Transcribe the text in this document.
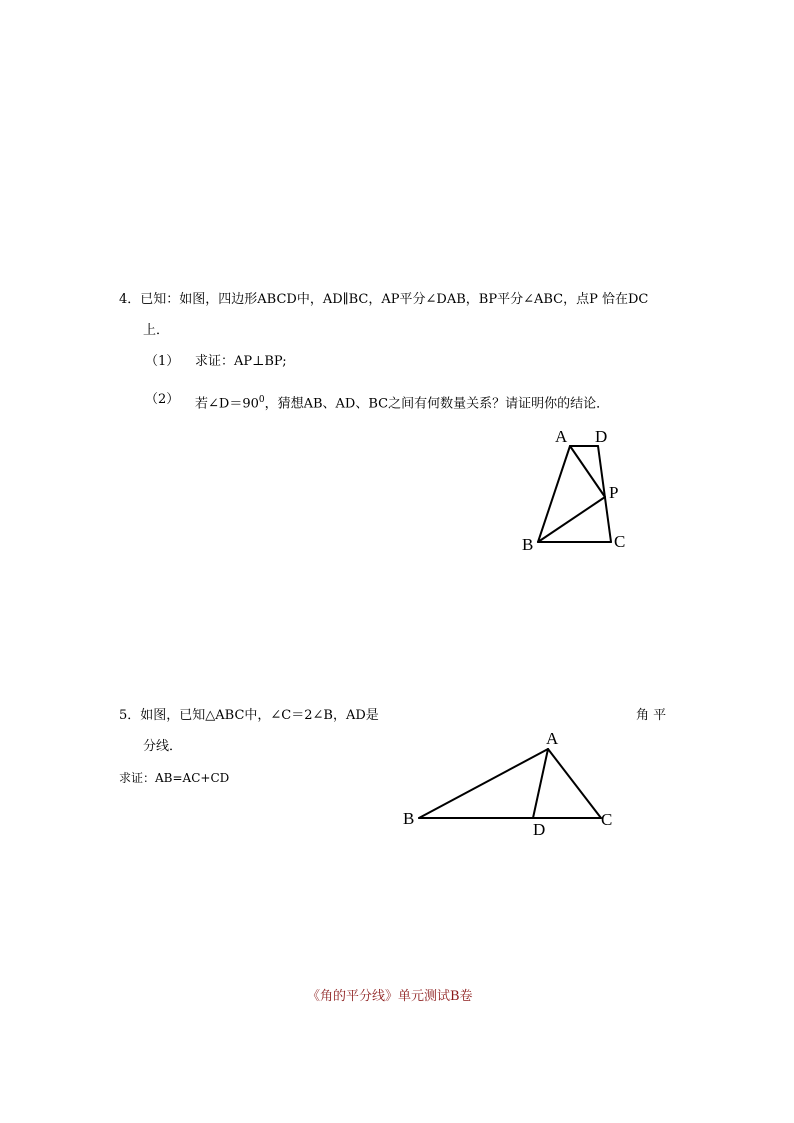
4．已知：如图，四边形ABCD中，AD∥BC，AP平分∠DAB，BP平分∠ABC，点P 恰在DC
上．
（1） 求证：AP⊥BP;
（2） 若$\angle D=90^0$，猜想AB、AD、BC之间有何数量关系？请证明你的结论．
A D
P
B	C
5．如图，已知△ABC中，∠C＝2∠B，AD是	角 平
分线．
求证：AB=AC+CD
A
B
D
C
《角的平分线》单元测试B卷
